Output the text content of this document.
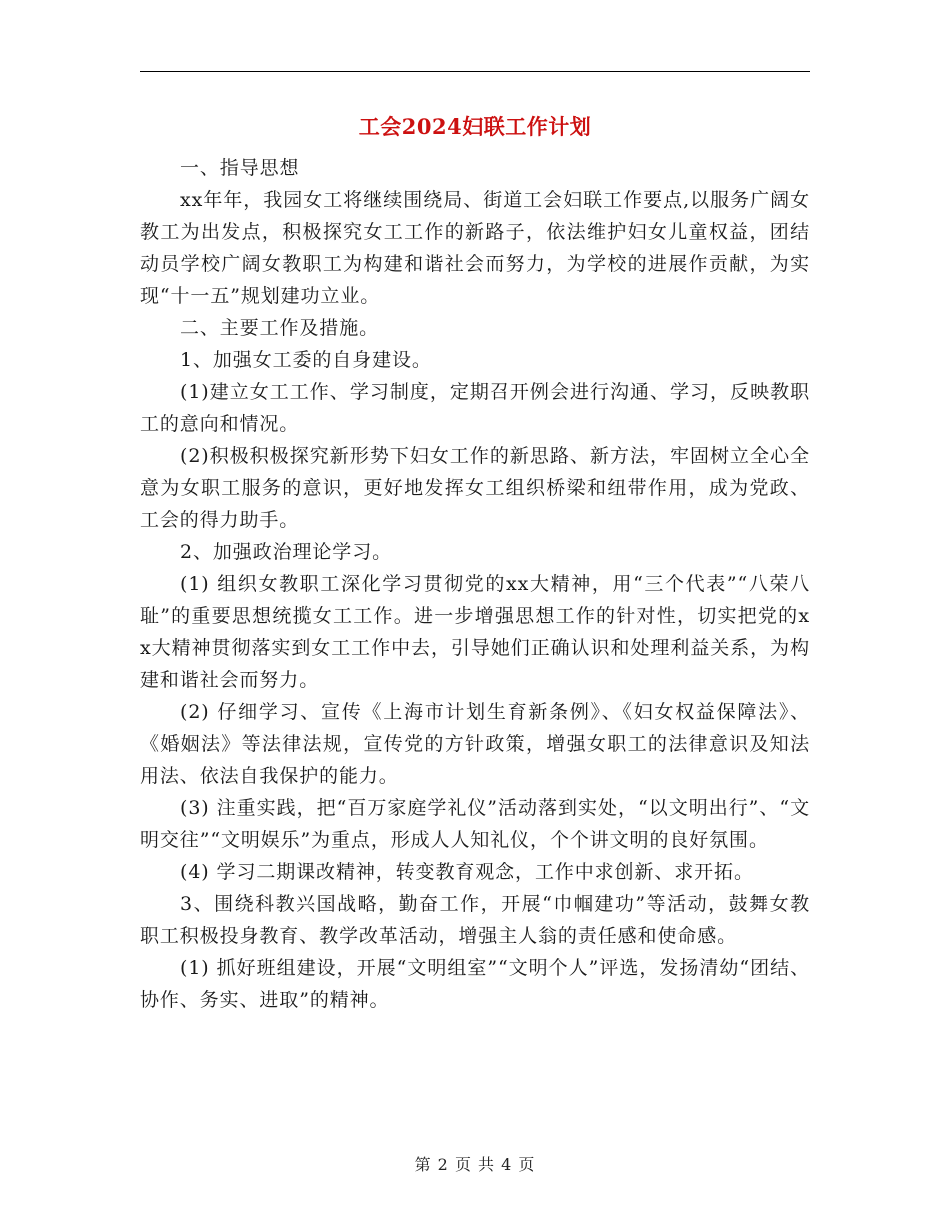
工会2024妇联工作计划

一、指导思想

xx年年，我园女工将继续围绕局、街道工会妇联工作要点,以服务广阔女教工为出发点，积极探究女工工作的新路子，依法维护妇女儿童权益，团结动员学校广阔女教职工为构建和谐社会而努力，为学校的进展作贡献，为实现“十一五”规划建功立业。

二、主要工作及措施。

1、加强女工委的自身建设。

(1)建立女工工作、学习制度，定期召开例会进行沟通、学习，反映教职工的意向和情况。

(2)积极积极探究新形势下妇女工作的新思路、新方法，牢固树立全心全意为女职工服务的意识，更好地发挥女工组织桥梁和纽带作用，成为党政、工会的得力助手。

2、加强政治理论学习。

(1) 组织女教职工深化学习贯彻党的xx大精神，用“三个代表”“八荣八耻”的重要思想统揽女工工作。进一步增强思想工作的针对性，切实把党的xx大精神贯彻落实到女工工作中去，引导她们正确认识和处理利益关系，为构建和谐社会而努力。

(2) 仔细学习、宣传《上海市计划生育新条例》、《妇女权益保障法》、《婚姻法》等法律法规，宣传党的方针政策，增强女职工的法律意识及知法用法、依法自我保护的能力。

(3) 注重实践，把“百万家庭学礼仪”活动落到实处，“以文明出行”、“文明交往”“文明娱乐”为重点，形成人人知礼仪，个个讲文明的良好氛围。

(4) 学习二期课改精神，转变教育观念，工作中求创新、求开拓。

3、围绕科教兴国战略，勤奋工作，开展“巾帼建功”等活动，鼓舞女教职工积极投身教育、教学改革活动，增强主人翁的责任感和使命感。

(1) 抓好班组建设，开展“文明组室”“文明个人”评选，发扬清幼“团结、协作、务实、进取”的精神。

第 2 页 共 4 页
